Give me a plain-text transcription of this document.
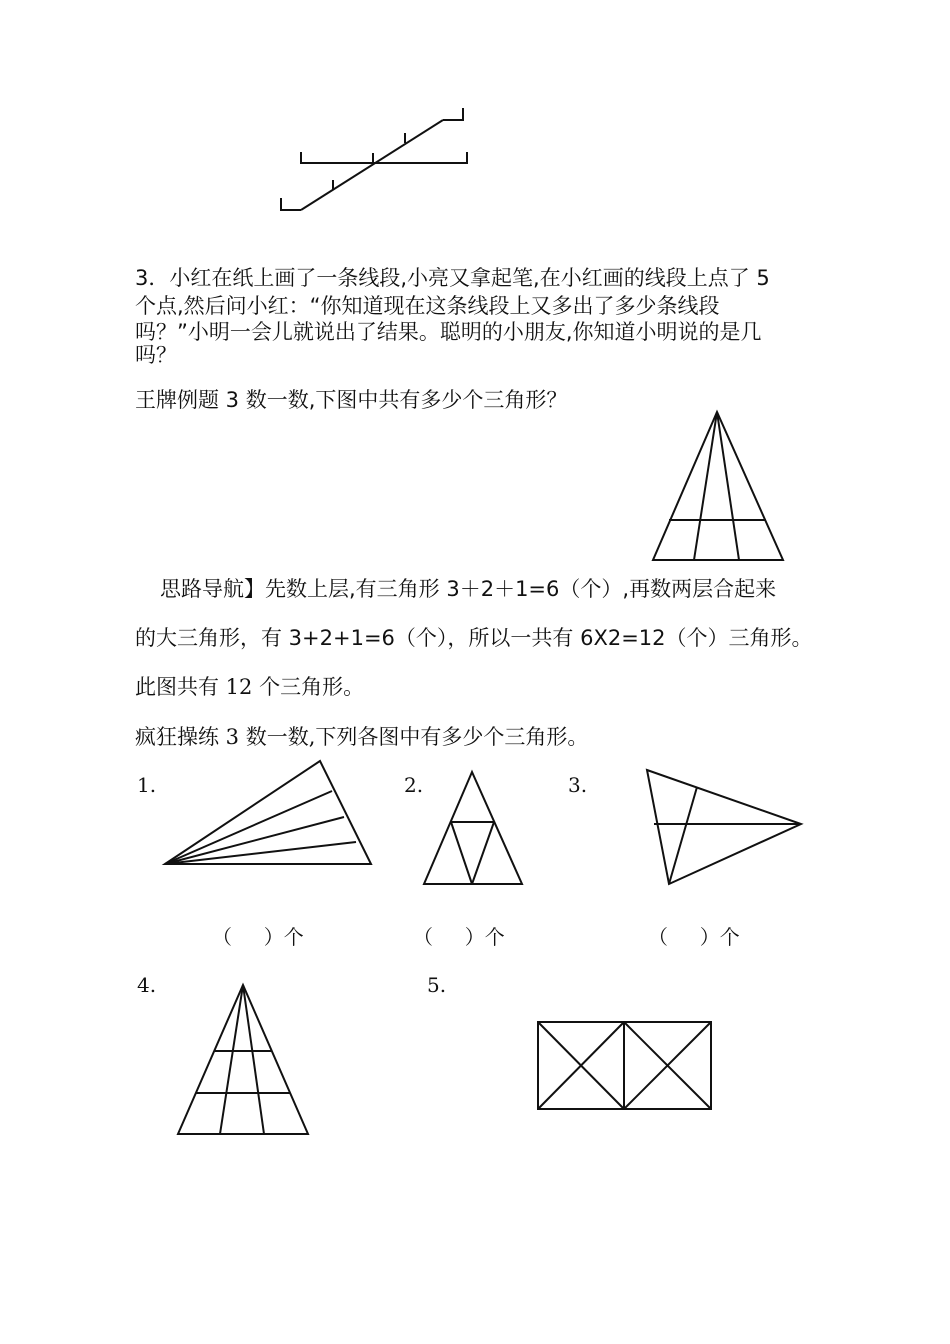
3．小红在纸上画了一条线段,小亮又拿起笔,在小红画的线段上点了 5
个点,然后问小红：“你知道现在这条线段上又多出了多少条线段
吗？”小明一会儿就说出了结果。聪明的小朋友,你知道小明说的是几
吗？
王牌例题 3 数一数,下图中共有多少个三角形？
思路导航】先数上层,有三角形 3＋2＋1=6（个）,再数两层合起来
的大三角形，有 3+2+1=6（个），所以一共有 6X2=12（个）三角形。
此图共有 12 个三角形。
疯狂操练 3 数一数,下列各图中有多少个三角形。
1.	2.	3.
（     ）个	（     ）个	（     ）个
4.	5.
